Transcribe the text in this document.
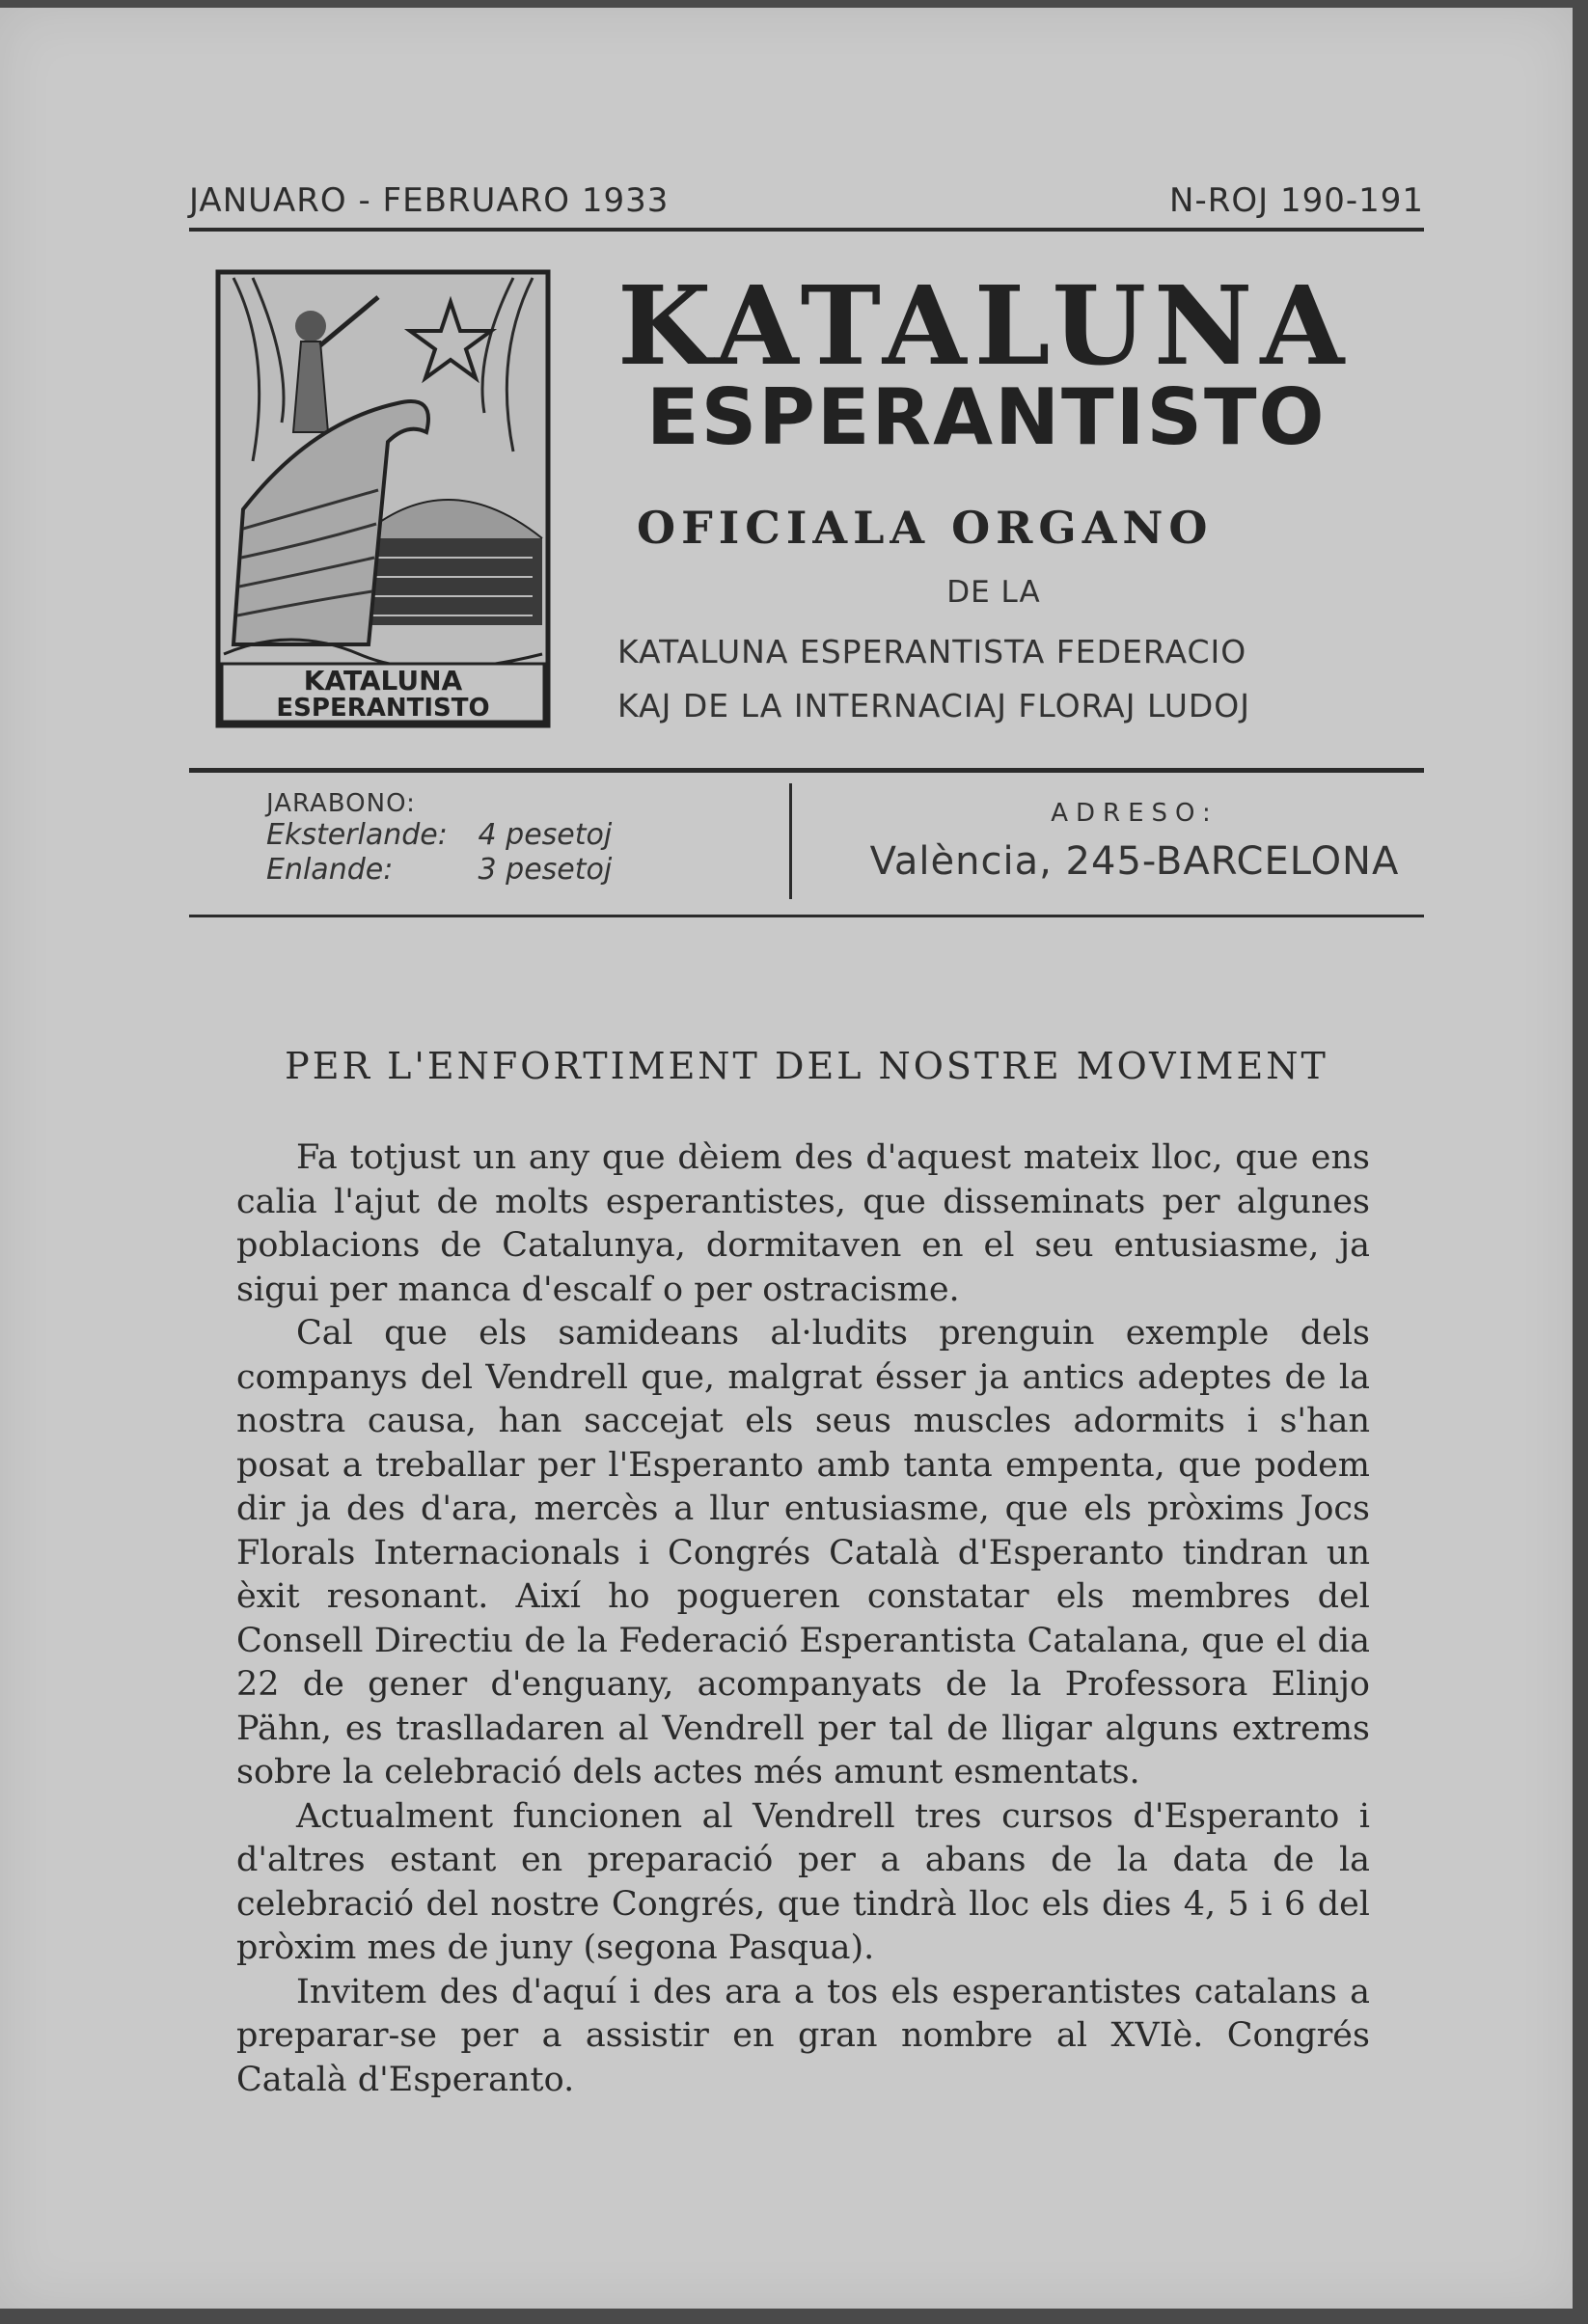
JANUARO - FEBRUARO 1933	N-ROJ 190-191
KATALUNA
ESPERANTISTO
KATALUNA
ESPERANTISTO
OFICIALA ORGANO
DE LA
KATALUNA ESPERANTISTA FEDERACIO
KAJ DE LA INTERNACIAJ FLORAJ LUDOJ
JARABONO:
Eksterlande: 4 pesetoj
Enlande:	3 pesetoj
ADRESO:
València, 245-BARCELONA
PER L'ENFORTIMENT DEL NOSTRE MOVIMENT

Fa totjust un any que dèiem des d'aquest mateix lloc, que ens calia l'ajut de molts esperantistes, que disseminats per algunes poblacions de Catalunya, dormitaven en el seu entusiasme, ja sigui per manca d'escalf o per ostracisme.

Cal que els samideans al·ludits prenguin exemple dels companys del Vendrell que, malgrat ésser ja antics adeptes de la nostra causa, han saccejat els seus muscles adormits i s'han posat a treballar per l'Esperanto amb tanta empenta, que podem dir ja des d'ara, mercès a llur entusiasme, que els pròxims Jocs Florals Internacionals i Congrés Català d'Esperanto tindran un èxit resonant. Així ho pogueren constatar els membres del Consell Directiu de la Federació Esperantista Catalana, que el dia 22 de gener d'enguany, acompanyats de la Professora Elinjo Pähn, es traslladaren al Vendrell per tal de lligar alguns extrems sobre la celebració dels actes més amunt esmentats.

Actualment funcionen al Vendrell tres cursos d'Esperanto i d'altres estant en preparació per a abans de la data de la celebració del nostre Congrés, que tindrà lloc els dies 4, 5 i 6 del pròxim mes de juny (segona Pasqua).

Invitem des d'aquí i des ara a tos els esperantistes catalans a preparar-se per a assistir en gran nombre al XVIè. Congrés Català d'Esperanto.
